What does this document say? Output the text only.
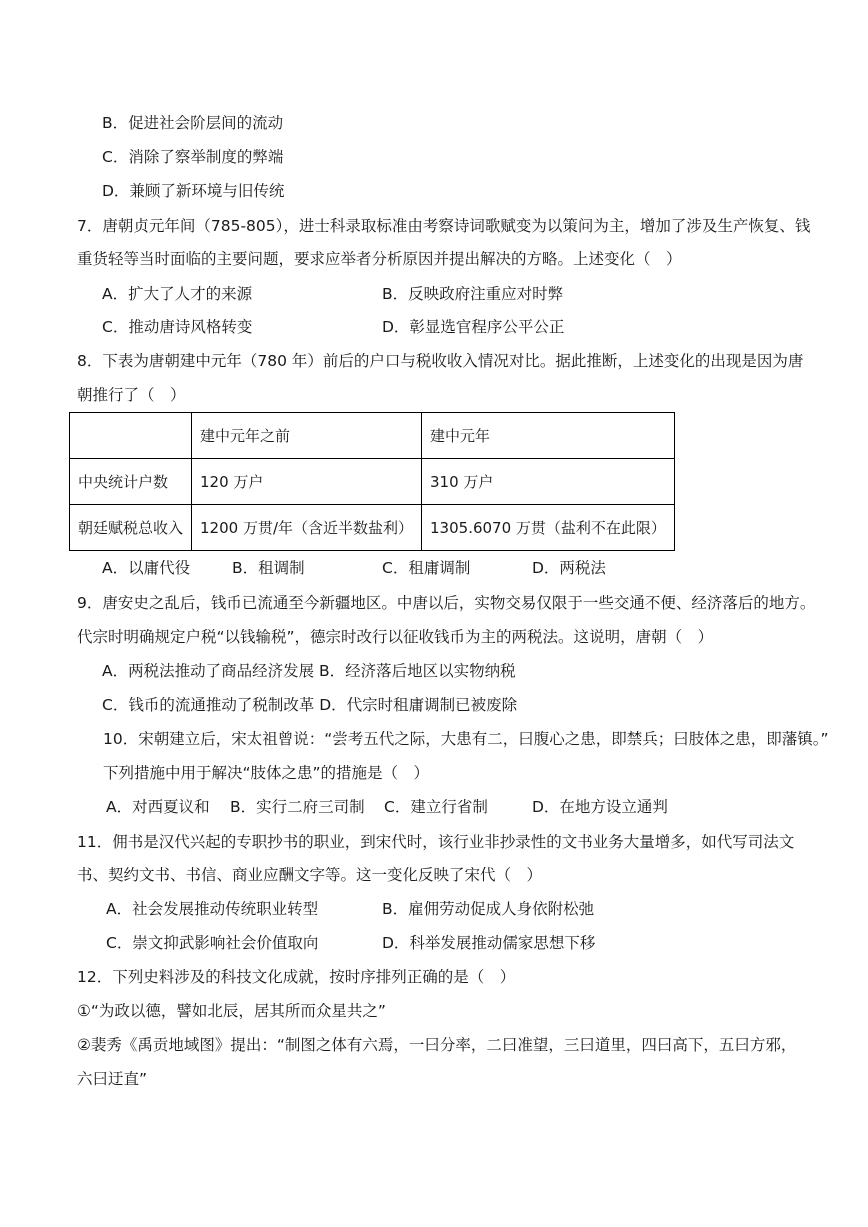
B．促进社会阶层间的流动
C．消除了察举制度的弊端
D．兼顾了新环境与旧传统
7．唐朝贞元年间（785-805），进士科录取标准由考察诗词歌赋变为以策问为主，增加了涉及生产恢复、钱
重货轻等当时面临的主要问题，要求应举者分析原因并提出解决的方略。上述变化（　）
A．扩大了人才的来源	B．反映政府注重应对时弊
C．推动唐诗风格转变	D．彰显选官程序公平公正
8．下表为唐朝建中元年（780 年）前后的户口与税收收入情况对比。据此推断，上述变化的出现是因为唐
朝推行了（　）
	建中元年之前	建中元年
中央统计户数	120 万户	310 万户
朝廷赋税总收入	1200 万贯/年（含近半数盐利）	1305.6070 万贯（盐利不在此限）
A．以庸代役	B．租调制	C．租庸调制	D．两税法
9．唐安史之乱后，钱币已流通至今新疆地区。中唐以后，实物交易仅限于一些交通不便、经济落后的地方。
代宗时明确规定户税“以钱输税”，德宗时改行以征收钱币为主的两税法。这说明，唐朝（　）
A．两税法推动了商品经济发展 B．经济落后地区以实物纳税
C．钱币的流通推动了税制改革 D．代宗时租庸调制已被废除
10．宋朝建立后，宋太祖曾说：“尝考五代之际，大患有二，曰腹心之患，即禁兵；曰肢体之患，即藩镇。”
下列措施中用于解决“肢体之患”的措施是（　）
A．对西夏议和 B．实行二府三司制 C．建立行省制	D．在地方设立通判
11．佣书是汉代兴起的专职抄书的职业，到宋代时，该行业非抄录性的文书业务大量增多，如代写司法文
书、契约文书、书信、商业应酬文字等。这一变化反映了宋代（　）
A．社会发展推动传统职业转型	B．雇佣劳动促成人身依附松弛
C．崇文抑武影响社会价值取向	D．科举发展推动儒家思想下移
12．下列史料涉及的科技文化成就，按时序排列正确的是（　）
①“为政以德，譬如北辰，居其所而众星共之”
②裴秀《禹贡地域图》提出：“制图之体有六焉，一曰分率，二曰准望，三曰道里，四曰高下，五曰方邪，
六曰迂直”
